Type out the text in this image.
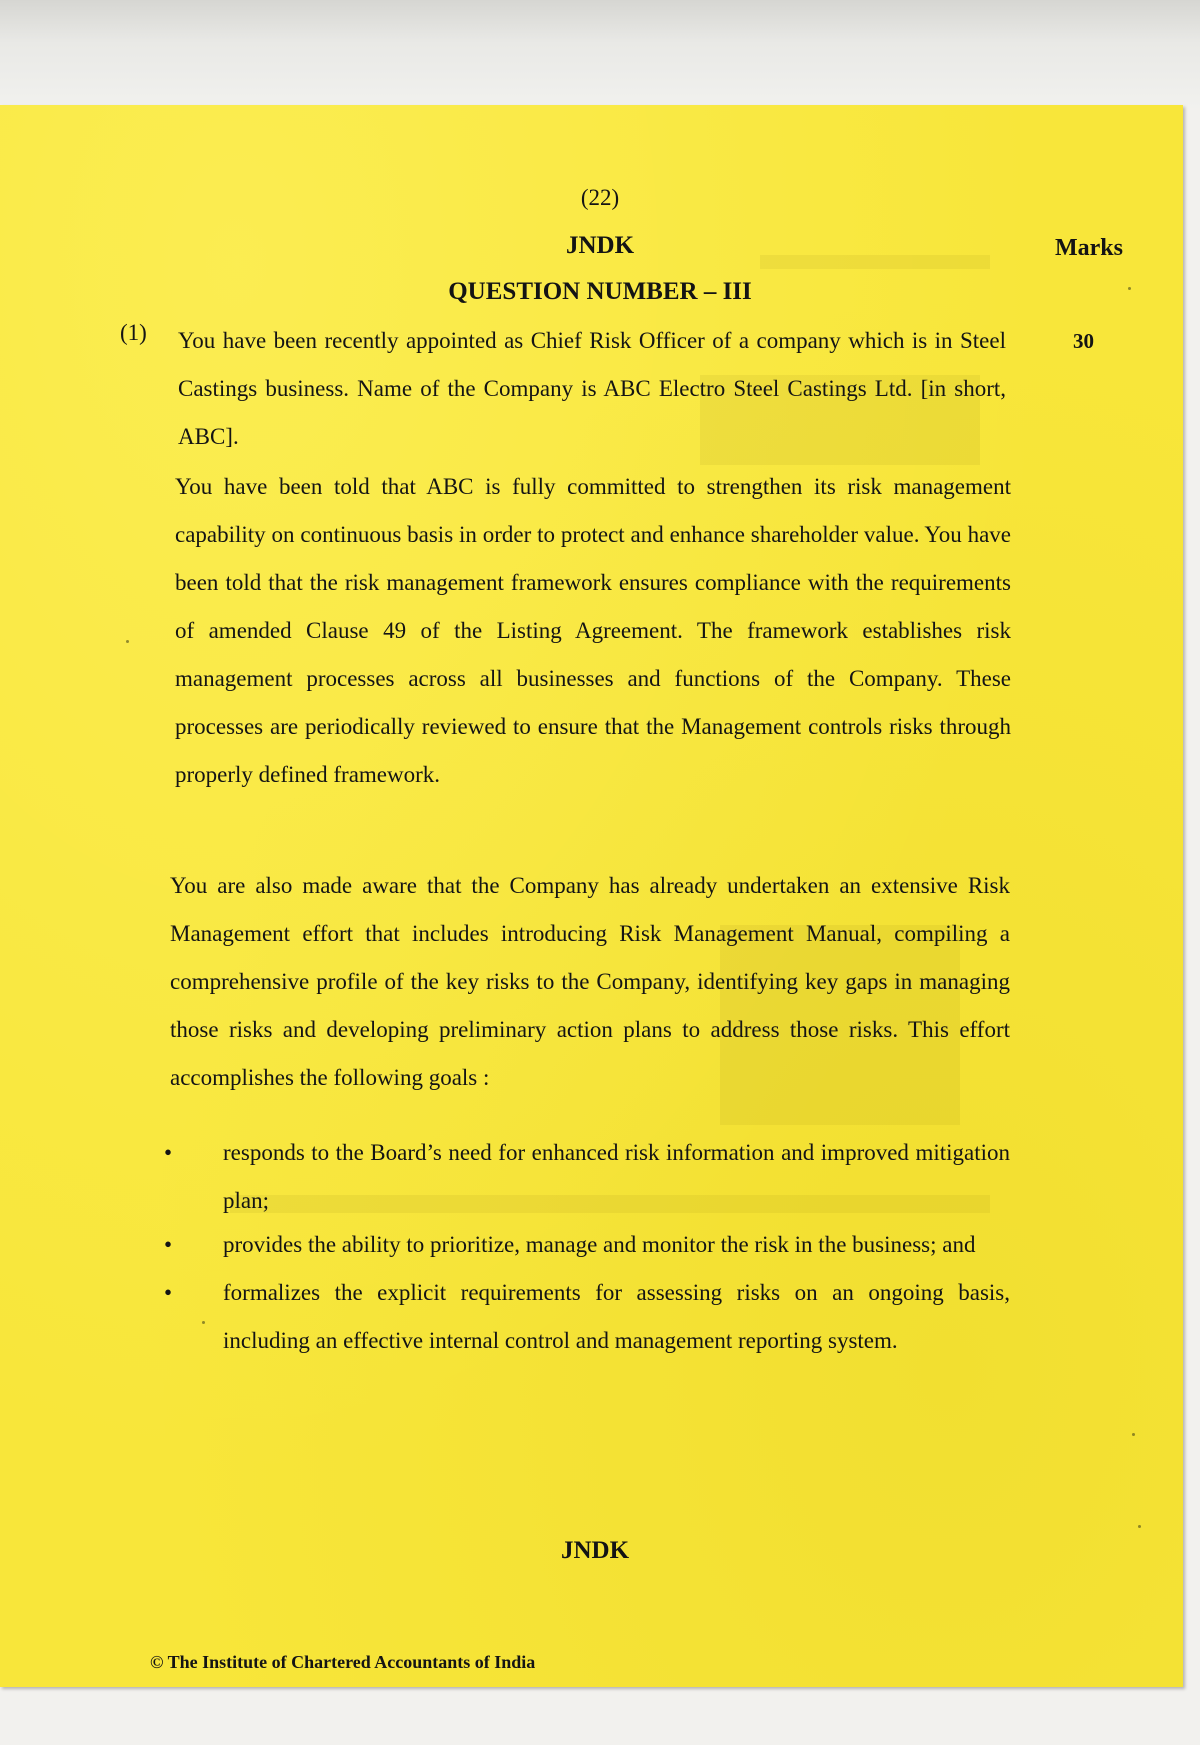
(22)
JNDK	Marks
QUESTION NUMBER – III
(1)	30

You have been recently appointed as Chief Risk Officer of a company which is in Steel Castings business. Name of the Company is ABC Electro Steel Castings Ltd. [in short, ABC].

You have been told that ABC is fully committed to strengthen its risk management capability on continuous basis in order to protect and enhance shareholder value. You have been told that the risk management framework ensures compliance with the requirements of amended Clause 49 of the Listing Agreement. The framework establishes risk management processes across all businesses and functions of the Company. These processes are periodically reviewed to ensure that the Management controls risks through properly defined framework.

You are also made aware that the Company has already undertaken an extensive Risk Management effort that includes introducing Risk Management Manual, compiling a comprehensive profile of the key risks to the Company, identifying key gaps in managing those risks and developing preliminary action plans to address those risks. This effort accomplishes the following goals :

• responds to the Board’s need for enhanced risk information and improved mitigation plan;
• provides the ability to prioritize, manage and monitor the risk in the business; and
• formalizes the explicit requirements for assessing risks on an ongoing basis, including an effective internal control and management reporting system.
JNDK
© The Institute of Chartered Accountants of India
